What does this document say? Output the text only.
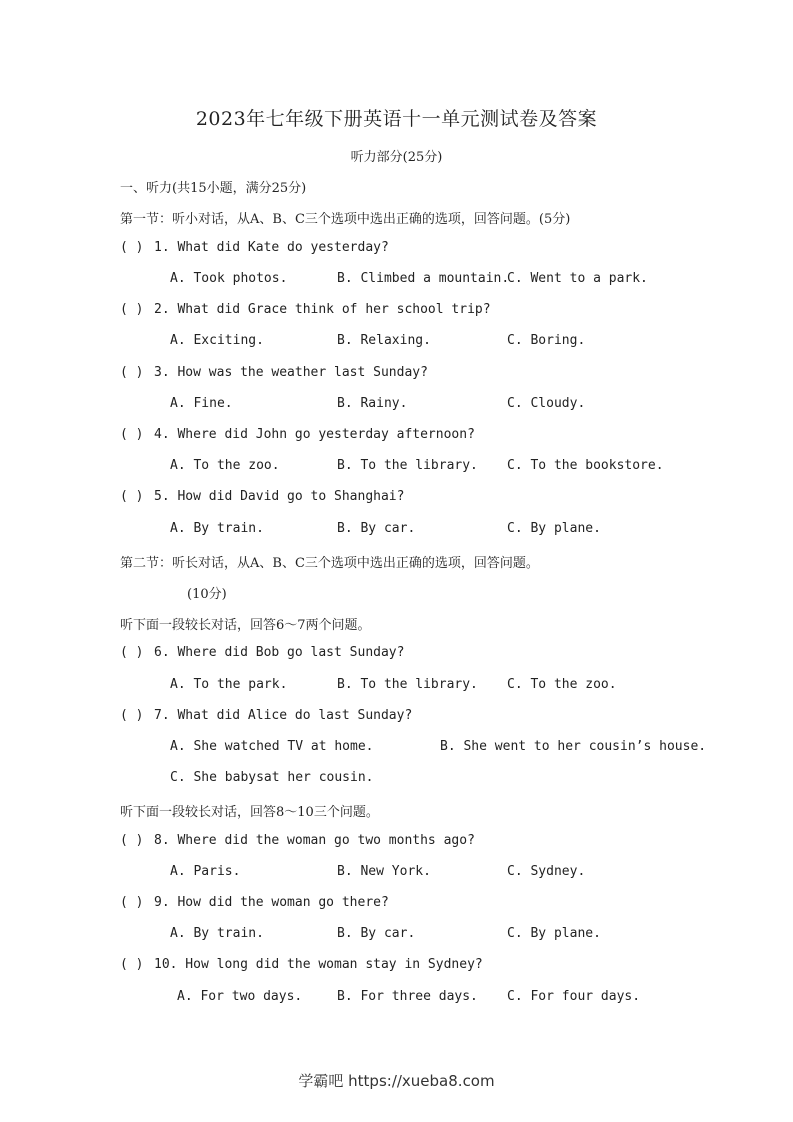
2023年七年级下册英语十一单元测试卷及答案
听力部分(25分)
一、听力(共15小题，满分25分)
第一节：听小对话，从A、B、C三个选项中选出正确的选项，回答问题。(5分)
( ) 1. What did Kate do yesterday?
A. Took photos.	B. Climbed a mountain.
C. Went to a park.
( ) 2. What did Grace think of her school trip?
A. Exciting.	B. Relaxing.	C. Boring.
( ) 3. How was the weather last Sunday?
A. Fine.	B. Rainy.	C. Cloudy.
( ) 4. Where did John go yesterday afternoon?
A. To the zoo.	B. To the library. C. To the bookstore.
( ) 5. How did David go to Shanghai?
A. By train.	B. By car.	C. By plane.
第二节：听长对话，从A、B、C三个选项中选出正确的选项，回答问题。
(10分)
听下面一段较长对话，回答6～7两个问题。
( ) 6. Where did Bob go last Sunday?
A. To the park.	B. To the library. C. To the zoo.
( ) 7. What did Alice do last Sunday?
A. She watched TV at home.	B. She went to her cousin’s house.
C. She babysat her cousin.
听下面一段较长对话，回答8～10三个问题。
( ) 8. Where did the woman go two months ago?
A. Paris.	B. New York.	C. Sydney.
( ) 9. How did the woman go there?
A. By train.	B. By car.	C. By plane.
( ) 10. How long did the woman stay in Sydney?
A. For two days.	B. For three days. C. For four days.
学霸吧 https://xueba8.com
